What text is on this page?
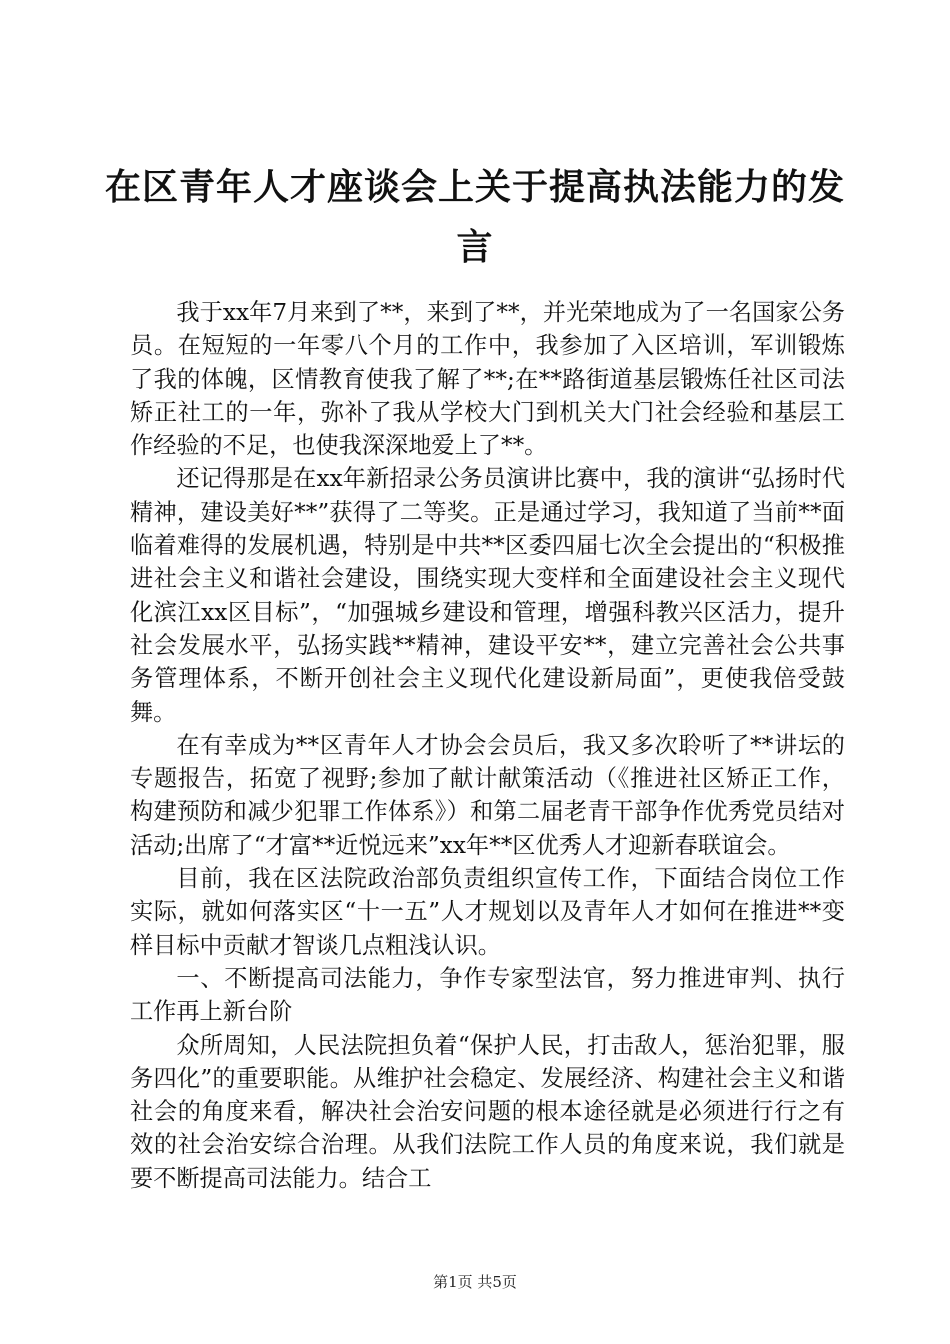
在区青年人才座谈会上关于提高执法能力的发
言

我于xx年7月来到了**，来到了**，并光荣地成为了一名国家公务员。在短短的一年零八个月的工作中，我参加了入区培训，军训锻炼了我的体魄，区情教育使我了解了**;在**路街道基层锻炼任社区司法矫正社工的一年，弥补了我从学校大门到机关大门社会经验和基层工作经验的不足，也使我深深地爱上了**。

还记得那是在xx年新招录公务员演讲比赛中，我的演讲“弘扬时代精神，建设美好**”获得了二等奖。正是通过学习，我知道了当前**面临着难得的发展机遇，特别是中共**区委四届七次全会提出的“积极推进社会主义和谐社会建设，围绕实现大变样和全面建设社会主义现代化滨江xx区目标”，“加强城乡建设和管理，增强科教兴区活力，提升社会发展水平，弘扬实践**精神，建设平安**，建立完善社会公共事务管理体系，不断开创社会主义现代化建设新局面”，更使我倍受鼓舞。

在有幸成为**区青年人才协会会员后，我又多次聆听了**讲坛的专题报告，拓宽了视野;参加了献计献策活动（《推进社区矫正工作，构建预防和减少犯罪工作体系》）和第二届老青干部争作优秀党员结对活动;出席了“才富**近悦远来”xx年**区优秀人才迎新春联谊会。

目前，我在区法院政治部负责组织宣传工作，下面结合岗位工作实际，就如何落实区“十一五”人才规划以及青年人才如何在推进**变样目标中贡献才智谈几点粗浅认识。

一、不断提高司法能力，争作专家型法官，努力推进审判、执行工作再上新台阶

众所周知，人民法院担负着“保护人民，打击敌人，惩治犯罪，服务四化”的重要职能。从维护社会稳定、发展经济、构建社会主义和谐社会的角度来看，解决社会治安问题的根本途径就是必须进行行之有效的社会治安综合治理。从我们法院工作人员的角度来说，我们就是要不断提高司法能力。结合工

第1页 共5页
